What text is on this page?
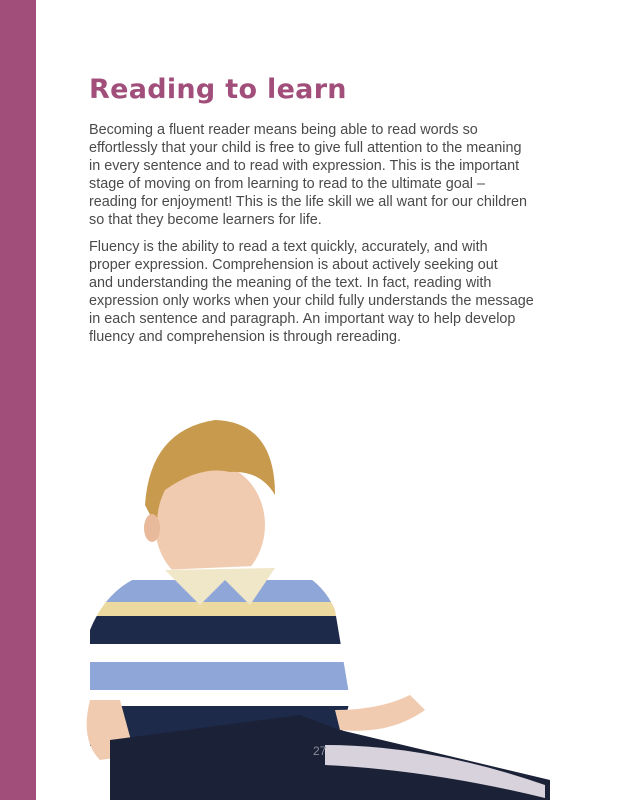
Reading to learn
Becoming a fluent reader means being able to read words so
effortlessly that your child is free to give full attention to the meaning
in every sentence and to read with expression. This is the important
stage of moving on from learning to read to the ultimate goal –
reading for enjoyment! This is the life skill we all want for our children
so that they become learners for life.
Fluency is the ability to read a text quickly, accurately, and with
proper expression. Comprehension is about actively seeking out
and understanding the meaning of the text. In fact, reading with
expression only works when your child fully understands the message
in each sentence and paragraph. An important way to help develop
fluency and comprehension is through rereading.
27
